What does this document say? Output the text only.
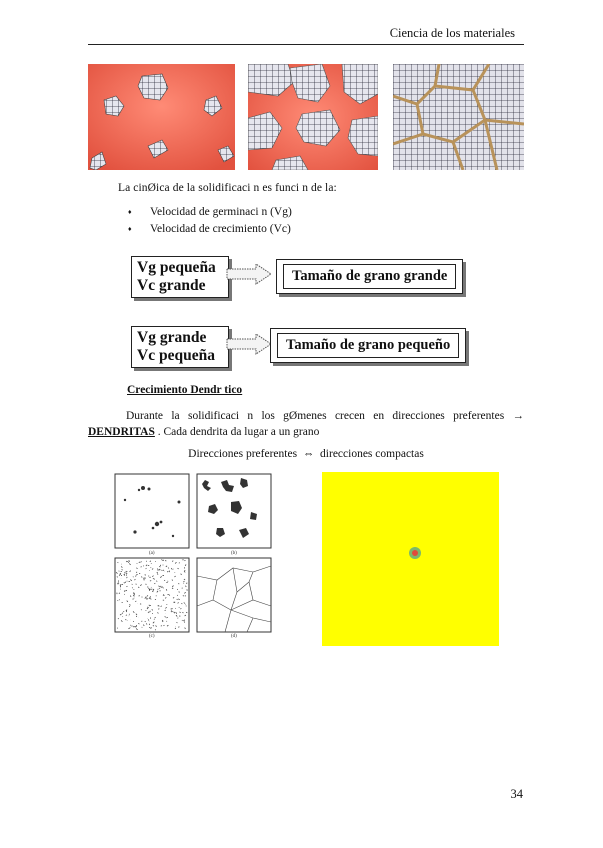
Ciencia de los materiales
La cinØica de la solidificaci n es funci n de la:
♦	Velocidad de germinaci n (Vg)
♦	Velocidad de crecimiento (Vc)
Vg pequeña
Vc grande
Tamaño de grano grande
Vg grande
Vc pequeña
Tamaño de grano pequeño
Crecimiento Dendr tico
Durante la solidificaci n los gØmenes crecen en direcciones preferentes →
DENDRITAS . Cada dendrita da lugar a un grano
Direcciones preferentes ⇔ direcciones compactas
(a)	(b)
(c)	(d)
34
